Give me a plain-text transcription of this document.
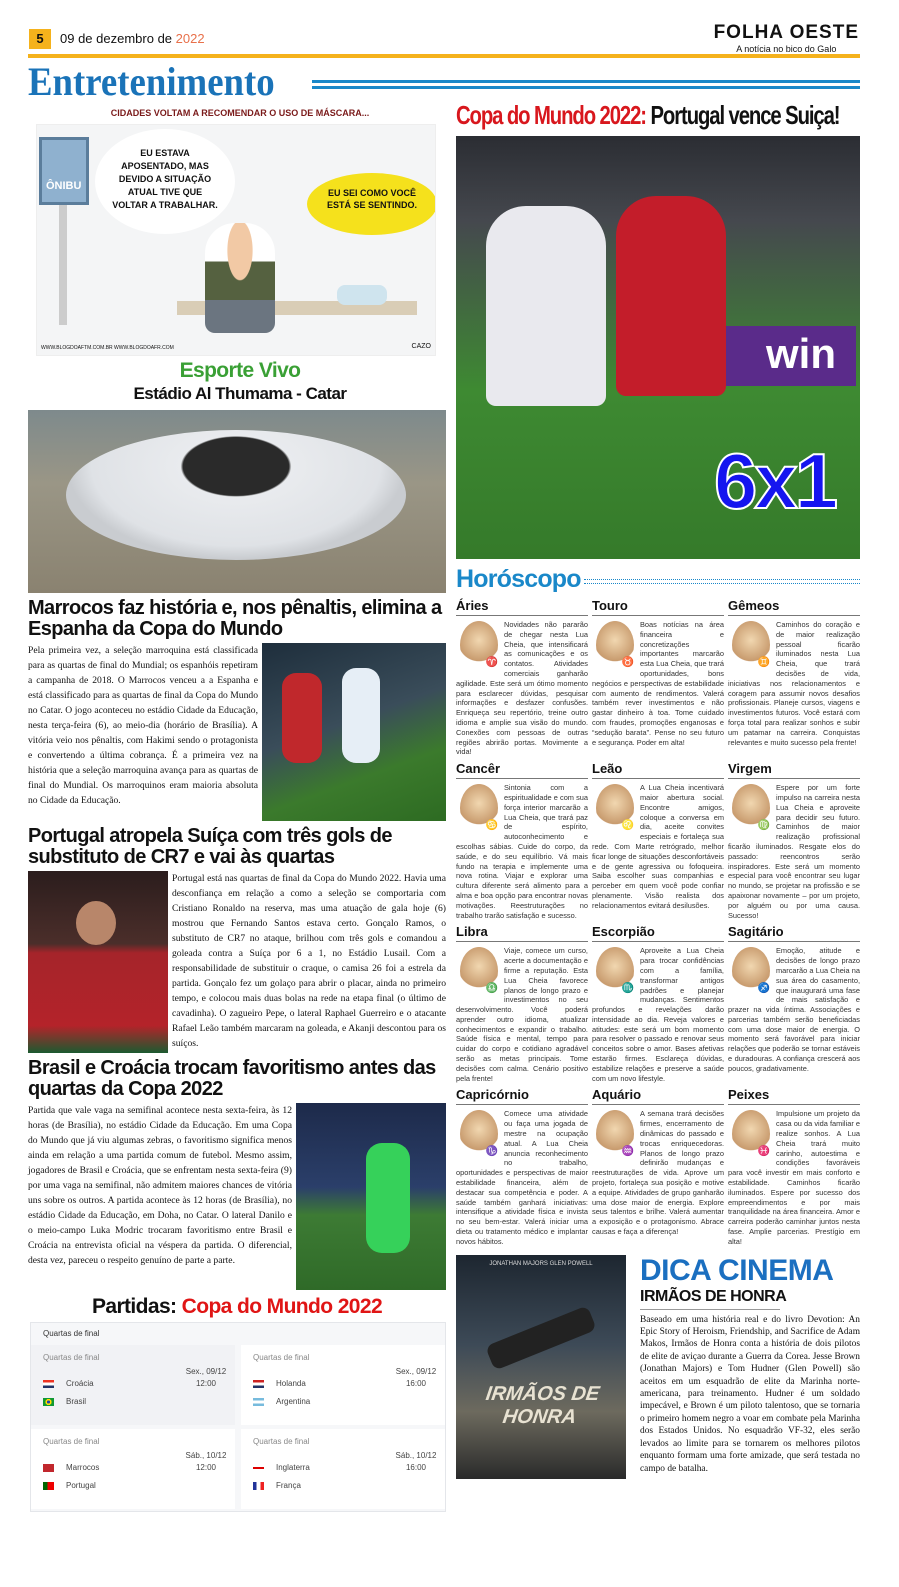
5	09 de dezembro de 2022	FOLHA OESTE
A notícia no bico do Galo
Entretenimento
CIDADES VOLTAM A RECOMENDAR O USO DE MÁSCARA...
ÔNIBU
EU ESTAVA APOSENTADO, MAS DEVIDO A SITUAÇÃO ATUAL TIVE QUE VOLTAR A TRABALHAR.
EU SEI COMO VOCÊ ESTÁ SE SENTINDO.
WWW.BLOGDOAFTM.COM.BR WWW.BLOGDOAFR.COM	CAZO
Esporte Vivo
Estádio Al Thumama - Catar
Marrocos faz história e, nos pênaltis, elimina a Espanha da Copa do Mundo
Pela primeira vez, a seleção marroquina está classificada para as quartas de final do Mundial; os espanhóis repetiram a campanha de 2018. O Marrocos venceu a a Espanha e está classificado para as quartas de final da Copa do Mundo no Catar. O jogo aconteceu no estádio Cidade da Educação, nesta terça-feira (6), ao meio-dia (horário de Brasília). A vitória veio nos pênaltis, com Hakimi sendo o protagonista e convertendo a última cobrança. É a primeira vez na história que a seleção marroquina avança para as quartas de final do Mundial. Os marroquinos eram maioria absoluta no Cidade da Educação.
Portugal atropela Suíça com três gols de substituto de CR7 e vai às quartas
Portugal está nas quartas de final da Copa do Mundo 2022. Havia uma desconfiança em relação a como a seleção se comportaria com Cristiano Ronaldo na reserva, mas uma atuação de gala hoje (6) mostrou que Fernando Santos estava certo. Gonçalo Ramos, o substituto de CR7 no ataque, brilhou com três gols e comandou a goleada contra a Suíça por 6 a 1, no Estádio Lusail. Com a responsabilidade de substituir o craque, o camisa 26 foi a estrela da partida. Gonçalo fez um golaço para abrir o placar, ainda no primeiro tempo, e colocou mais duas bolas na rede na etapa final (o último de cavadinha). O zagueiro Pepe, o lateral Raphael Guerreiro e o atacante Rafael Leão também marcaram na goleada, e Akanji descontou para os suíços.
Brasil e Croácia trocam favoritismo antes das quartas da Copa 2022
Partida que vale vaga na semifinal acontece nesta sexta-feira, às 12 horas (de Brasília), no estádio Cidade da Educação. Em uma Copa do Mundo que já viu algumas zebras, o favoritismo significa menos ainda em relação a uma partida comum de futebol. Mesmo assim, jogadores de Brasil e Croácia, que se enfrentam nesta sexta-feira (9) por uma vaga na semifinal, não admitem maiores chances de vitória uns sobre os outros. A partida acontece às 12 horas (de Brasília), no estádio Cidade da Educação, em Doha, no Catar. O lateral Danilo e o meio-campo Luka Modric trocaram favoritismo entre Brasil e Croácia na entrevista oficial na véspera da partida. O diferencial, desta vez, pareceu o respeito genuíno de parte a parte.
Partidas: Copa do Mundo 2022
Quartas de final
Quartas de final
Croácia
Brasil
Sex., 09/12
12:00
Quartas de final
Holanda
Argentina
Sex., 09/12
16:00
Quartas de final
Marrocos
Portugal
Sáb., 10/12
12:00
Quartas de final
Inglaterra
França
Sáb., 10/12
16:00
Copa do Mundo 2022: Portugal vence Suiça!
win
6x1
Horóscopo
Áries
♈
Novidades não pararão de chegar nesta Lua Cheia, que intensificará as comunicações e os contatos. Atividades comerciais ganharão agilidade. Este será um ótimo momento para esclarecer dúvidas, pesquisar informações e desfazer confusões. Enriqueça seu repertório, treine outro idioma e amplie sua visão do mundo. Conexões com pessoas de outras regiões abrirão portas. Movimente a vida!
Touro
♉
Boas notícias na área financeira e concretizações importantes marcarão esta Lua Cheia, que trará oportunidades, bons negócios e perspectivas de estabilidade com aumento de rendimentos. Valerá também rever investimentos e não gastar dinheiro à toa. Tome cuidado com fraudes, promoções enganosas e “sedução barata”. Pense no seu futuro e segurança. Poder em alta!
Gêmeos
♊
Caminhos do coração e de maior realização pessoal ficarão iluminados nesta Lua Cheia, que trará decisões de vida, iniciativas nos relacionamentos e coragem para assumir novos desafios profissionais. Planeje cursos, viagens e investimentos futuros. Você estará com força total para realizar sonhos e subir um patamar na carreira. Conquistas relevantes e muito sucesso pela frente!
Cancêr
♋
Sintonia com a espiritualidade e com sua força interior marcarão a Lua Cheia, que trará paz de espírito, autoconhecimento e escolhas sábias. Cuide do corpo, da saúde, e do seu equilíbrio. Vá mais fundo na terapia e implemente uma nova rotina. Viajar e explorar uma cultura diferente será alimento para a alma e boa opção para encontrar novas motivações. Reestruturações no trabalho trarão satisfação e sucesso.
Leão
♌
A Lua Cheia incentivará maior abertura social. Encontre amigos, coloque a conversa em dia, aceite convites especiais e fortaleça sua rede. Com Marte retrógrado, melhor ficar longe de situações desconfortáveis e de gente agressiva ou fofoqueira. Saiba escolher suas companhias e perceber em quem você pode confiar plenamente. Visão realista dos relacionamentos evitará desilusões.
Virgem
♍
Espere por um forte impulso na carreira nesta Lua Cheia e aproveite para decidir seu futuro. Caminhos de maior realização profissional ficarão iluminados. Resgate elos do passado: reencontros serão inspiradores. Este será um momento especial para você encontrar seu lugar no mundo, se projetar na profissão e se apaixonar novamente – por um projeto, por alguém ou por uma causa. Sucesso!
Libra
♎
Viaje, comece um curso, acerte a documentação e firme a reputação. Esta Lua Cheia favorece planos de longo prazo e investimentos no seu desenvolvimento. Você poderá aprender outro idioma, atualizar conhecimentos e expandir o trabalho. Saúde física e mental, tempo para cuidar do corpo e cotidiano agradável serão as metas principais. Tome decisões com calma. Cenário positivo pela frente!
Escorpião
♏
Aproveite a Lua Cheia para trocar confidências com a família, transformar antigos padrões e planejar mudanças. Sentimentos profundos e revelações darão intensidade ao dia. Reveja valores e atitudes: este será um bom momento para resolver o passado e renovar seus conceitos sobre o amor. Bases afetivas estarão firmes. Esclareça dúvidas, estabilize relações e preserve a saúde com um novo lifestyle.
Sagitário
♐
Emoção, atitude e decisões de longo prazo marcarão a Lua Cheia na sua área do casamento, que inaugurará uma fase de mais satisfação e prazer na vida íntima. Associações e parcerias também serão beneficiadas com uma dose maior de energia. O momento será favorável para iniciar relações que poderão se tornar estáveis e duradouras. A confiança crescerá aos poucos, gradativamente.
Capricórnio
♑
Comece uma atividade ou faça uma jogada de mestre na ocupação atual. A Lua Cheia anuncia reconhecimento no trabalho, oportunidades e perspectivas de maior estabilidade financeira, além de destacar sua competência e poder. A saúde também ganhará iniciativas: intensifique a atividade física e invista no seu bem-estar. Valerá iniciar uma dieta ou tratamento médico e implantar novos hábitos.
Aquário
♒
A semana trará decisões firmes, encerramento de dinâmicas do passado e trocas enriquecedoras. Planos de longo prazo definirão mudanças e reestruturações de vida. Aprove um projeto, fortaleça sua posição e motive a equipe. Atividades de grupo ganharão uma dose maior de energia. Explore seus talentos e brilhe. Valerá aumentar a exposição e o protagonismo. Abrace causas e faça a diferença!
Peixes
♓
Impulsione um projeto da casa ou da vida familiar e realize sonhos. A Lua Cheia trará muito carinho, autoestima e condições favoráveis para você investir em mais conforto e estabilidade. Caminhos ficarão iluminados. Espere por sucesso dos empreendimentos e por mais tranquilidade na área financeira. Amor e carreira poderão caminhar juntos nesta fase. Amplie parcerias. Prestígio em alta!
JONATHAN MAJORS GLEN POWELL
IRMÃOS DE HONRA
DICA CINEMA
IRMÃOS DE HONRA
Baseado em uma história real e do livro Devotion: An Epic Story of Heroism, Friendship, and Sacrifice de Adam Makos, Irmãos de Honra conta a história de dois pilotos de elite de aviçao durante a Guerra da Corea. Jesse Brown (Jonathan Majors) e Tom Hudner (Glen Powell) são aceitos em um esquadrão de elite da Marinha norte-americana, para treinamento. Hudner é um soldado impecável, e Brown é um piloto talentoso, que se tornaria o primeiro homem negro a voar em combate pela Marinha dos Estados Unidos. No esquadrão VF-32, eles serão levados ao limite para se tornarem os melhores pilotos enquanto formam uma forte amizade, que será testada no campo de batalha.
